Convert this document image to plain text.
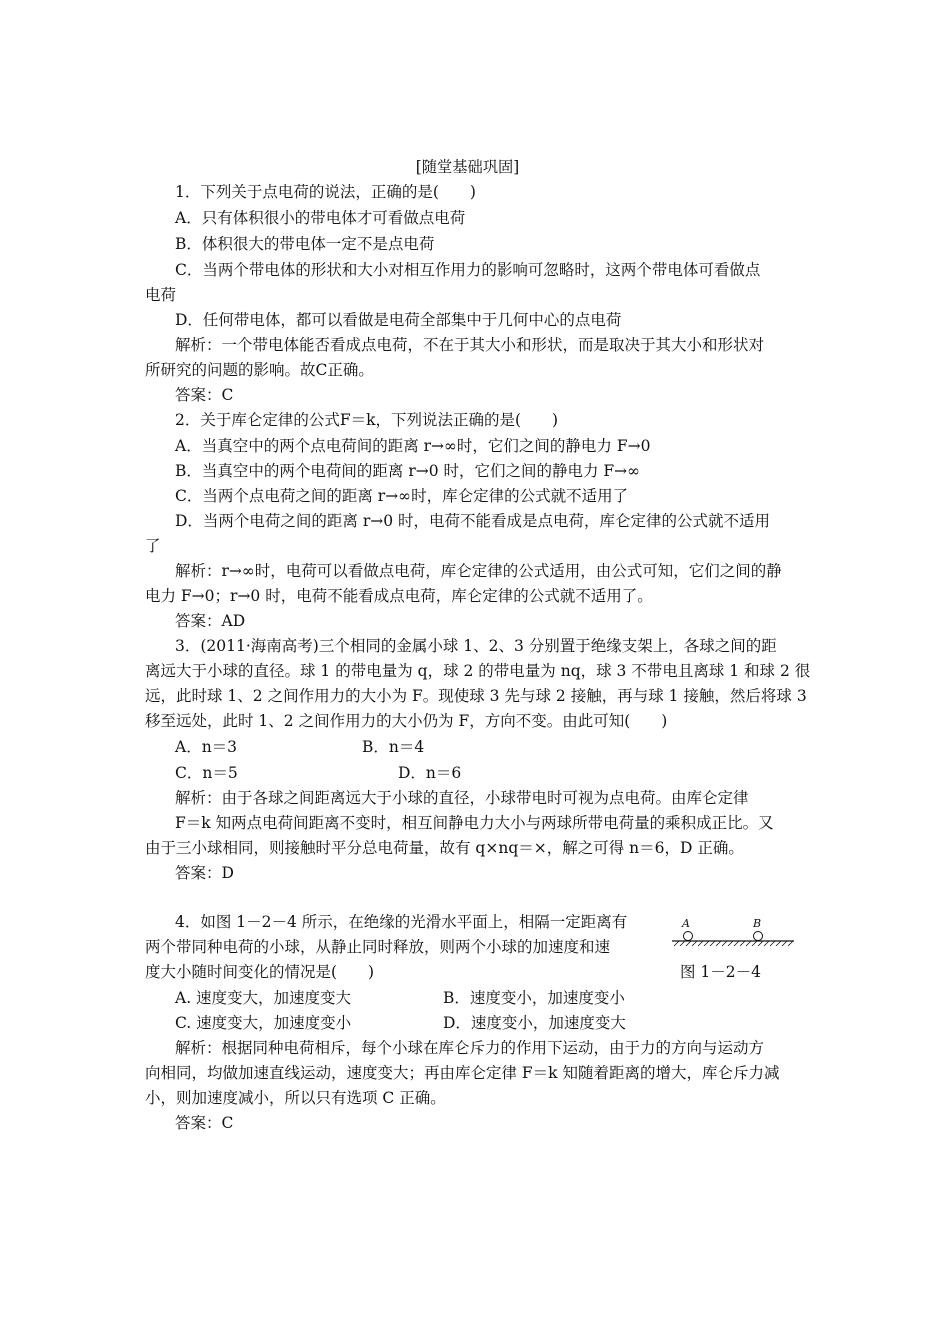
[随堂基础巩固]
1．下列关于点电荷的说法，正确的是(　　)
A．只有体积很小的带电体才可看做点电荷
B．体积很大的带电体一定不是点电荷
C．当两个带电体的形状和大小对相互作用力的影响可忽略时，这两个带电体可看做点
电荷
D．任何带电体，都可以看做是电荷全部集中于几何中心的点电荷
解析：一个带电体能否看成点电荷，不在于其大小和形状，而是取决于其大小和形状对
所研究的问题的影响。故C正确。
答案：C
2．关于库仑定律的公式F＝k，下列说法正确的是(　　)
A．当真空中的两个点电荷间的距离 r→∞时，它们之间的静电力 F→0
B．当真空中的两个电荷间的距离 r→0 时，它们之间的静电力 F→∞
C．当两个点电荷之间的距离 r→∞时，库仑定律的公式就不适用了
D．当两个电荷之间的距离 r→0 时，电荷不能看成是点电荷，库仑定律的公式就不适用
了
解析：r→∞时，电荷可以看做点电荷，库仑定律的公式适用，由公式可知，它们之间的静
电力 F→0；r→0 时，电荷不能看成点电荷，库仑定律的公式就不适用了。
答案：AD
3．(2011·海南高考)三个相同的金属小球 1、2、3 分别置于绝缘支架上，各球之间的距
离远大于小球的直径。球 1 的带电量为 q，球 2 的带电量为 nq，球 3 不带电且离球 1 和球 2 很
远，此时球 1、2 之间作用力的大小为 F。现使球 3 先与球 2 接触，再与球 1 接触，然后将球 3
移至远处，此时 1、2 之间作用力的大小仍为 F，方向不变。由此可知(　　)
A．n＝3	B．n＝4
C．n＝5	D．n＝6
解析：由于各球之间距离远大于小球的直径，小球带电时可视为点电荷。由库仑定律
F＝k 知两点电荷间距离不变时，相互间静电力大小与两球所带电荷量的乘积成正比。又
由于三小球相同，则接触时平分总电荷量，故有 q×nq＝×，解之可得 n＝6，D 正确。
答案：D
4．如图 1－2－4 所示，在绝缘的光滑水平面上，相隔一定距离有
两个带同种电荷的小球，从静止同时释放，则两个小球的加速度和速
度大小随时间变化的情况是(　　)
A	B
图 1－2－4
A. 速度变大，加速度变大	B．速度变小，加速度变小
C. 速度变大，加速度变小	D．速度变小，加速度变大
解析：根据同种电荷相斥，每个小球在库仑斥力的作用下运动，由于力的方向与运动方
向相同，均做加速直线运动，速度变大；再由库仑定律 F＝k 知随着距离的增大，库仑斥力减
小，则加速度减小，所以只有选项 C 正确。
答案：C
